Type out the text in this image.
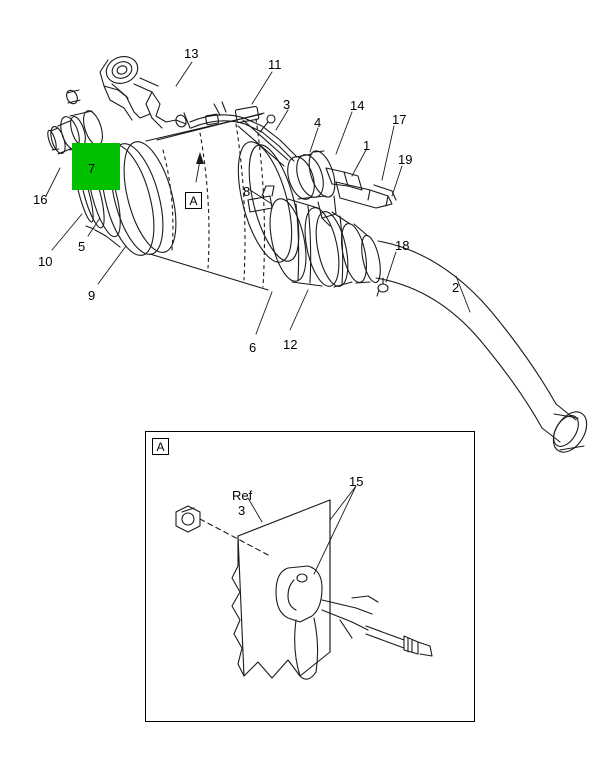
13
11
3	14
4	17
1
19
8
16
10
5
9
18
2
6 12
15
Ref
3
7
A
A
